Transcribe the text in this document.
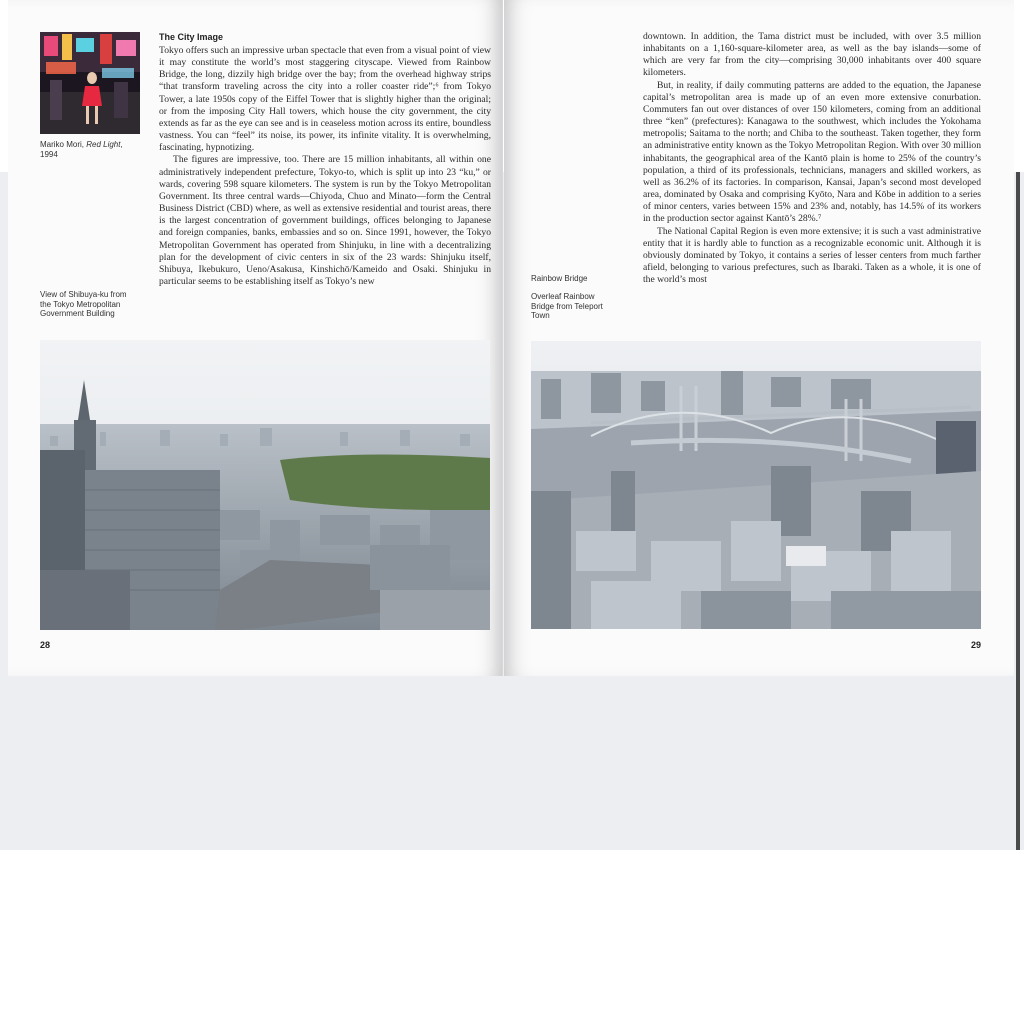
Mariko Mori, Red Light, 1994
The City Image

Tokyo offers such an impressive urban spectacle that even from a visual point of view it may constitute the world’s most staggering cityscape. Viewed from Rainbow Bridge, the long, dizzily high bridge over the bay; from the overhead highway strips “that transform traveling across the city into a roller coaster ride”;⁶ from Tokyo Tower, a late 1950s copy of the Eiffel Tower that is slightly higher than the original; or from the imposing City Hall towers, which house the city government, the city extends as far as the eye can see and is in ceaseless motion across its entire, boundless vastness. You can “feel” its noise, its power, its infinite vitality. It is overwhelming, fascinating, hypnotizing.

The figures are impressive, too. There are 15 million inhabitants, all within one administratively independent prefecture, Tokyo-to, which is split up into 23 “ku,” or wards, covering 598 square kilometers. The system is run by the Tokyo Metropolitan Government. Its three central wards—Chiyoda, Chuo and Minato—form the Central Business District (CBD) where, as well as extensive residential and tourist areas, there is the largest concentration of government buildings, offices belonging to Japanese and foreign companies, banks, embassies and so on. Since 1991, however, the Tokyo Metropolitan Government has operated from Shinjuku, in line with a decentralizing plan for the development of civic centers in six of the 23 wards: Shinjuku itself, Shibuya, Ikebukuro, Ueno/Asakusa, Kinshichō/Kameido and Osaki. Shinjuku in particular seems to be establishing itself as Tokyo’s new

View of Shibuya-ku from the Tokyo Metropolitan Government Building
28

downtown. In addition, the Tama district must be included, with over 3.5 million inhabitants on a 1,160-square-kilometer area, as well as the bay islands—some of which are very far from the city—comprising 30,000 inhabitants over 400 square kilometers.

But, in reality, if daily commuting patterns are added to the equation, the Japanese capital’s metropolitan area is made up of an even more extensive conurbation. Commuters fan out over distances of over 150 kilometers, coming from an additional three “ken” (prefectures): Kanagawa to the southwest, which includes the Yokohama metropolis; Saitama to the north; and Chiba to the southeast. Taken together, they form an administrative entity known as the Tokyo Metropolitan Region. With over 30 million inhabitants, the geographical area of the Kantō plain is home to 25% of the country’s population, a third of its professionals, technicians, managers and skilled workers, as well as 36.2% of its factories. In comparison, Kansai, Japan’s second most developed area, dominated by Osaka and comprising Kyōto, Nara and Kōbe in addition to a series of minor centers, varies between 15% and 23% and, notably, has 14.5% of its workers in the production sector against Kantō’s 28%.⁷

The National Capital Region is even more extensive; it is such a vast administrative entity that it is hardly able to function as a recognizable economic unit. Although it is obviously dominated by Tokyo, it contains a series of lesser centers from much farther afield, belonging to various prefectures, such as Ibaraki. Taken as a whole, it is one of the world’s most

Rainbow Bridge
Overleaf Rainbow Bridge from Teleport Town
29
